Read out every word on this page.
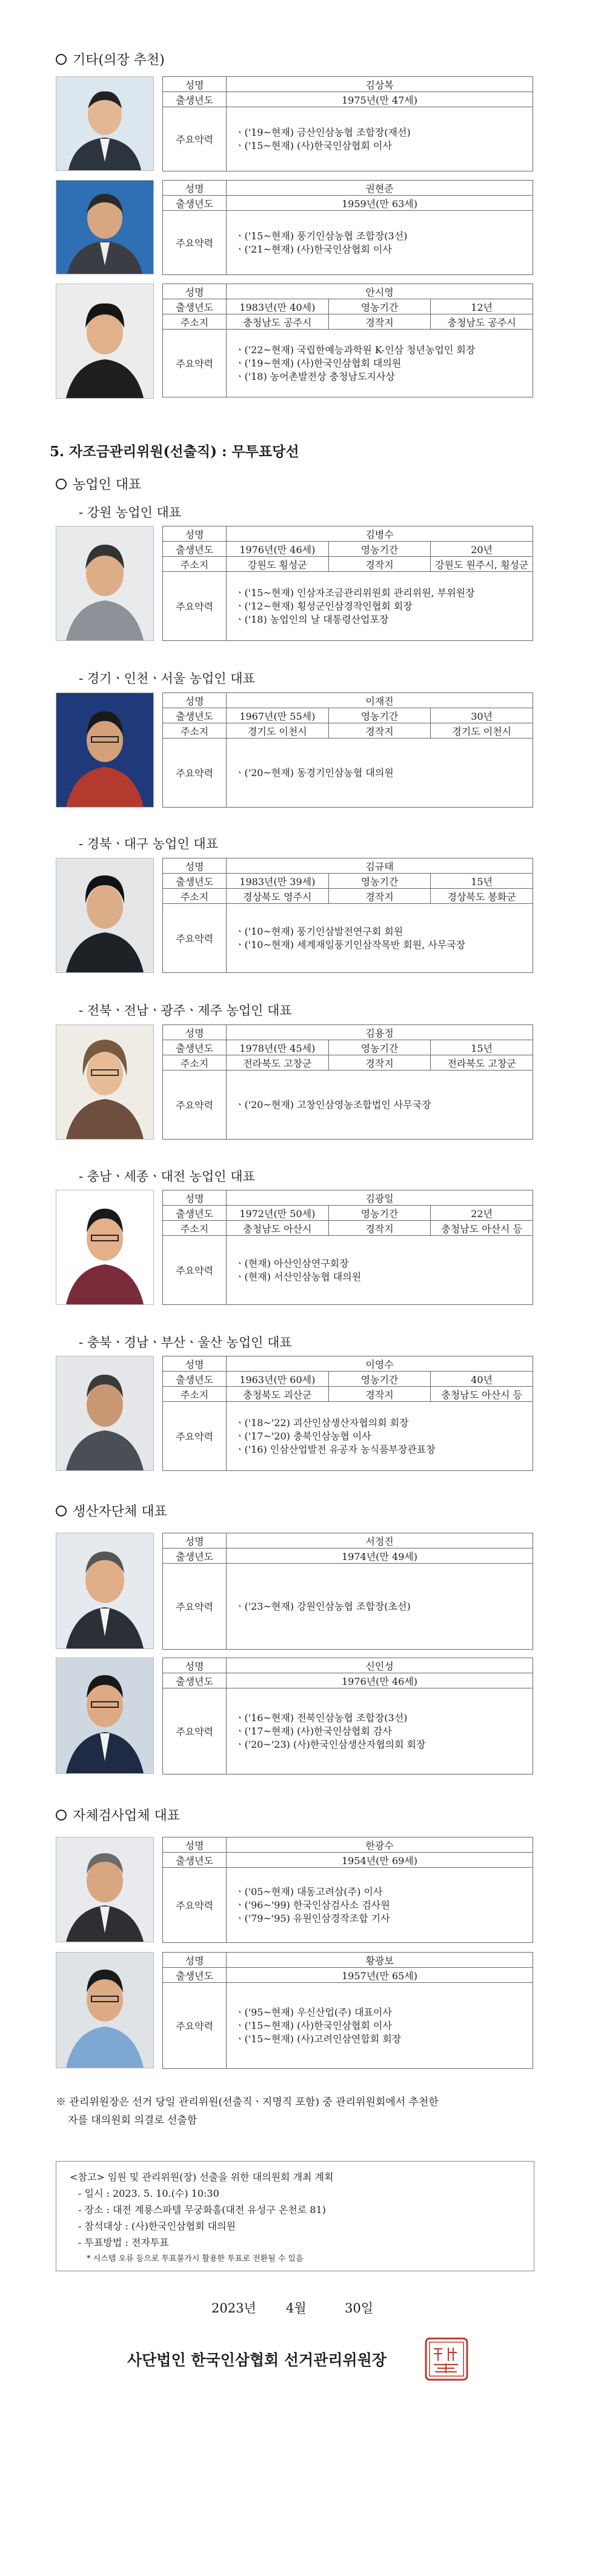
기타(의장 추천)
성명	김상복
출생년도	1975년(만 47세)
주요약력	ㆍ('19~현재) 금산인삼농협 조합장(재선)
ㆍ('15~현재) (사)한국인삼협회 이사
성명	권현준
출생년도	1959년(만 63세)
주요약력	ㆍ('15~현재) 풍기인삼농협 조합장(3선)
ㆍ('21~현재) (사)한국인삼협회 이사
성명	안시영		
출생년도	1983년(만 40세)	영농기간	12년
주소지	충청남도 공주시	경작지	충청남도 공주시
주요약력	ㆍ('22~현재) 국립한예능과학원 K-인삼 청년농업인 회장
ㆍ('19~현재) (사)한국인삼협회 대의원
ㆍ('18) 농어촌발전상 충청남도지사상		
5. 자조금관리위원(선출직) : 무투표당선
농업인 대표
- 강원 농업인 대표
성명	김병수		
출생년도	1976년(만 46세)	영농기간	20년
주소지	강원도 횡성군	경작지	강원도 원주시, 횡성군
주요약력	ㆍ('15~현재) 인삼자조금관리위원회 관리위원, 부위원장
ㆍ('12~현재) 횡성군인삼경작인협회 회장
ㆍ('18) 농업인의 날 대통령산업포장		
- 경기ㆍ인천ㆍ서울 농업인 대표
성명	이재진		
출생년도	1967년(만 55세)	영농기간	30년
주소지	경기도 이천시	경작지	경기도 이천시
주요약력	ㆍ('20~현재) 동경기인삼농협 대의원		
- 경북ㆍ대구 농업인 대표
성명	김규태		
출생년도	1983년(만 39세)	영농기간	15년
주소지	경상북도 영주시	경작지	경상북도 봉화군
주요약력	ㆍ('10~현재) 풍기인삼발전연구회 회원
ㆍ('10~현재) 세계재일풍기인삼작목반 회원, 사무국장		
- 전북ㆍ전남ㆍ광주ㆍ제주 농업인 대표
성명	김용정		
출생년도	1978년(만 45세)	영농기간	15년
주소지	전라북도 고창군	경작지	전라북도 고창군
주요약력	ㆍ('20~현재) 고창인삼영농조합법인 사무국장		
- 충남ㆍ세종ㆍ대전 농업인 대표
성명	김광일		
출생년도	1972년(만 50세)	영농기간	22년
주소지	충청남도 아산시	경작지	충청남도 아산시 등
주요약력	ㆍ(현재) 아산인삼연구회장
ㆍ(현재) 서산인삼농협 대의원		
- 충북ㆍ경남ㆍ부산ㆍ울산 농업인 대표
성명	이영수		
출생년도	1963년(만 60세)	영농기간	40년
주소지	충청북도 괴산군	경작지	충청남도 아산시 등
주요약력	ㆍ('18~'22) 괴산인삼생산자협의회 회장
ㆍ('17~'20) 충북인삼농협 이사
ㆍ('16) 인삼산업발전 유공자 농식품부장관표창		
생산자단체 대표
성명	서정진
출생년도	1974년(만 49세)
주요약력	ㆍ('23~현재) 강원인삼농협 조합장(초선)
성명	신인성
출생년도	1976년(만 46세)
주요약력	ㆍ('16~현재) 전북인삼농협 조합장(3선)
ㆍ('17~현재) (사)한국인삼협회 감사
ㆍ('20~'23) (사)한국인삼생산자협의회 회장
자체검사업체 대표
성명	한광수
출생년도	1954년(만 69세)
주요약력	ㆍ('05~현재) 대동고려삼(주) 이사
ㆍ('96~'99) 한국인삼검사소 검사원
ㆍ('79~'95) 유원인삼경작조합 기사
성명	황광보
출생년도	1957년(만 65세)
주요약력	ㆍ('95~현재) 우신산업(주) 대표이사
ㆍ('15~현재) (사)한국인삼협회 이사
ㆍ('15~현재) (사)고려인삼연합회 회장
※ 관리위원장은 선거 당일 관리위원(선출직ㆍ지명직 포함) 중 관리위원회에서 추천한
자를 대의원회 의결로 선출함
<참고> 임원 및 관리위원(장) 선출을 위한 대의원회 개최 계획
- 일시 : 2023. 5. 10.(수) 10:30
- 장소 : 대전 계룡스파텔 무궁화홀(대전 유성구 온천로 81)
- 참석대상 : (사)한국인삼협회 대의원
- 투표방법 : 전자투표
* 시스템 오류 등으로 투표불가시 활용한 투표로 전환될 수 있음
2023년 4월	30일
사단법인 한국인삼협회 선거관리위원장
